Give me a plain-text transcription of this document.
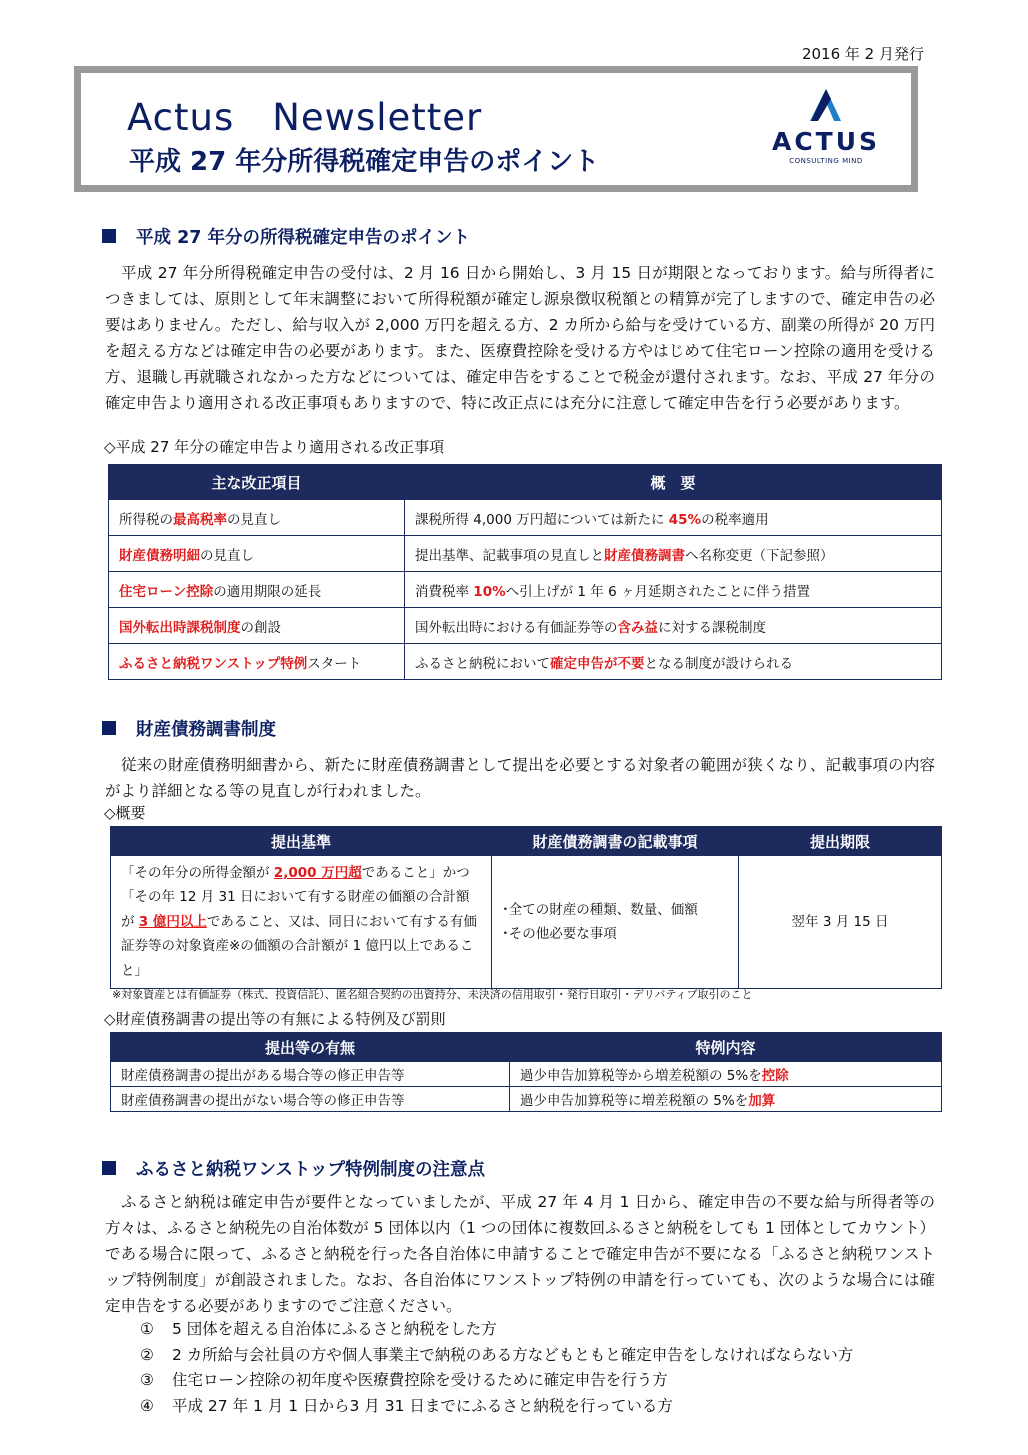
2016 年 2 月発行
Actus　Newsletter
平成 27 年分所得税確定申告のポイント
ACTUS
CONSULTING MIND
平成 27 年分の所得税確定申告のポイント

平成 27 年分所得税確定申告の受付は、2 月 16 日から開始し、3 月 15 日が期限となっております。給与所得者につきましては、原則として年末調整において所得税額が確定し源泉徴収税額との精算が完了しますので、確定申告の必要はありません。ただし、給与収入が 2,000 万円を超える方、2 カ所から給与を受けている方、副業の所得が 20 万円を超える方などは確定申告の必要があります。また、医療費控除を受ける方やはじめて住宅ローン控除の適用を受ける方、退職し再就職されなかった方などについては、確定申告をすることで税金が還付されます。なお、平成 27 年分の確定申告より適用される改正事項もありますので、特に改正点には充分に注意して確定申告を行う必要があります。

◇平成 27 年分の確定申告より適用される改正事項
主な改正項目	概　要
所得税の最高税率の見直し	課税所得 4,000 万円超については新たに 45%の税率適用
財産債務明細の見直し	提出基準、記載事項の見直しと財産債務調書へ名称変更（下記参照）
住宅ローン控除の適用期限の延長	消費税率 10%へ引上げが 1 年 6 ヶ月延期されたことに伴う措置
国外転出時課税制度の創設	国外転出時における有価証券等の含み益に対する課税制度
ふるさと納税ワンストップ特例スタート	ふるさと納税において確定申告が不要となる制度が設けられる
財産債務調書制度

従来の財産債務明細書から、新たに財産債務調書として提出を必要とする対象者の範囲が狭くなり、記載事項の内容がより詳細となる等の見直しが行われました。

◇概要
提出基準	財産債務調書の記載事項	提出期限
「その年分の所得金額が 2,000 万円超であること」かつ「その年 12 月 31 日において有する財産の価額の合計額が 3 億円以上であること、又は、同日において有する有価証券等の対象資産※の価額の合計額が 1 億円以上であること」	･全ての財産の種類、数量、価額
･その他必要な事項	翌年 3 月 15 日
※対象資産とは有価証券（株式、投資信託）、匿名組合契約の出資持分、未決済の信用取引・発行日取引・デリバティブ取引のこと
◇財産債務調書の提出等の有無による特例及び罰則
提出等の有無	特例内容
財産債務調書の提出がある場合等の修正申告等	過少申告加算税等から増差税額の 5%を控除
財産債務調書の提出がない場合等の修正申告等	過少申告加算税等に増差税額の 5%を加算
ふるさと納税ワンストップ特例制度の注意点

ふるさと納税は確定申告が要件となっていましたが、平成 27 年 4 月 1 日から、確定申告の不要な給与所得者等の方々は、ふるさと納税先の自治体数が 5 団体以内（1 つの団体に複数回ふるさと納税をしても 1 団体としてカウント）である場合に限って、ふるさと納税を行った各自治体に申請することで確定申告が不要になる「ふるさと納税ワンストップ特例制度」が創設されました。なお、各自治体にワンストップ特例の申請を行っていても、次のような場合には確定申告をする必要がありますのでご注意ください。

① 5 団体を超える自治体にふるさと納税をした方
② 2 カ所給与会社員の方や個人事業主で納税のある方などもともと確定申告をしなければならない方
③ 住宅ローン控除の初年度や医療費控除を受けるために確定申告を行う方
④ 平成 27 年 1 月 1 日から3 月 31 日までにふるさと納税を行っている方
